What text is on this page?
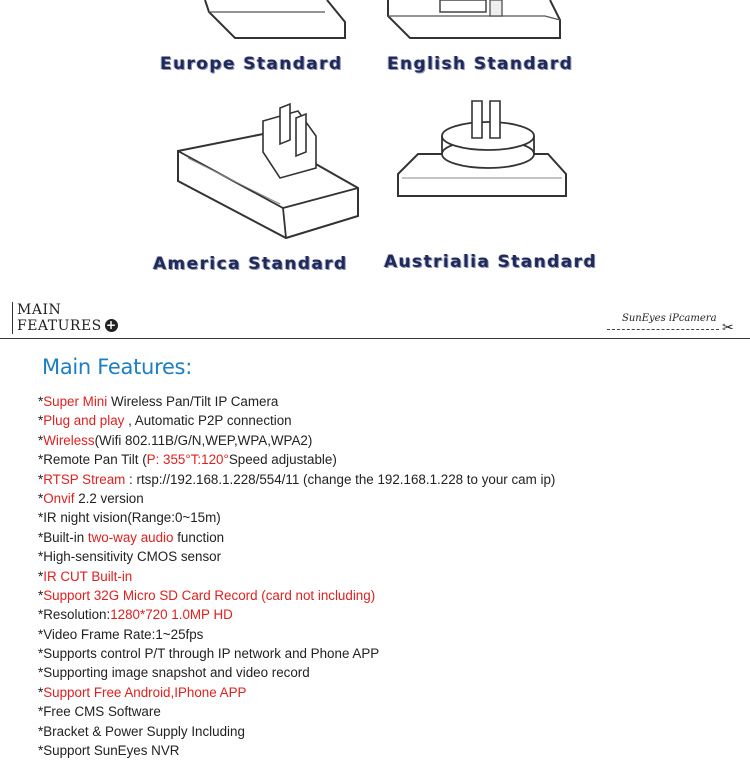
Europe Standard	English Standard
America Standard Austrialia Standard
MAIN
FEATURES +	SunEyes iPcamera
✂
Main Features:
*Super Mini Wireless Pan/Tilt IP Camera
*Plug and play , Automatic P2P connection
*Wireless(Wifi 802.11B/G/N,WEP,WPA,WPA2)
*Remote Pan Tilt (P: 355°T:120°Speed adjustable)
*RTSP Stream : rtsp://192.168.1.228/554/11 (change the 192.168.1.228 to your cam ip)
*Onvif 2.2 version
*IR night vision(Range:0~15m)
*Built-in two-way audio function
*High-sensitivity CMOS sensor
*IR CUT Built-in
*Support 32G Micro SD Card Record (card not including)
*Resolution:1280*720 1.0MP HD
*Video Frame Rate:1~25fps
*Supports control P/T through IP network and Phone APP
*Supporting image snapshot and video record
*Support Free Android,IPhone APP
*Free CMS Software
*Bracket & Power Supply Including
*Support SunEyes NVR
